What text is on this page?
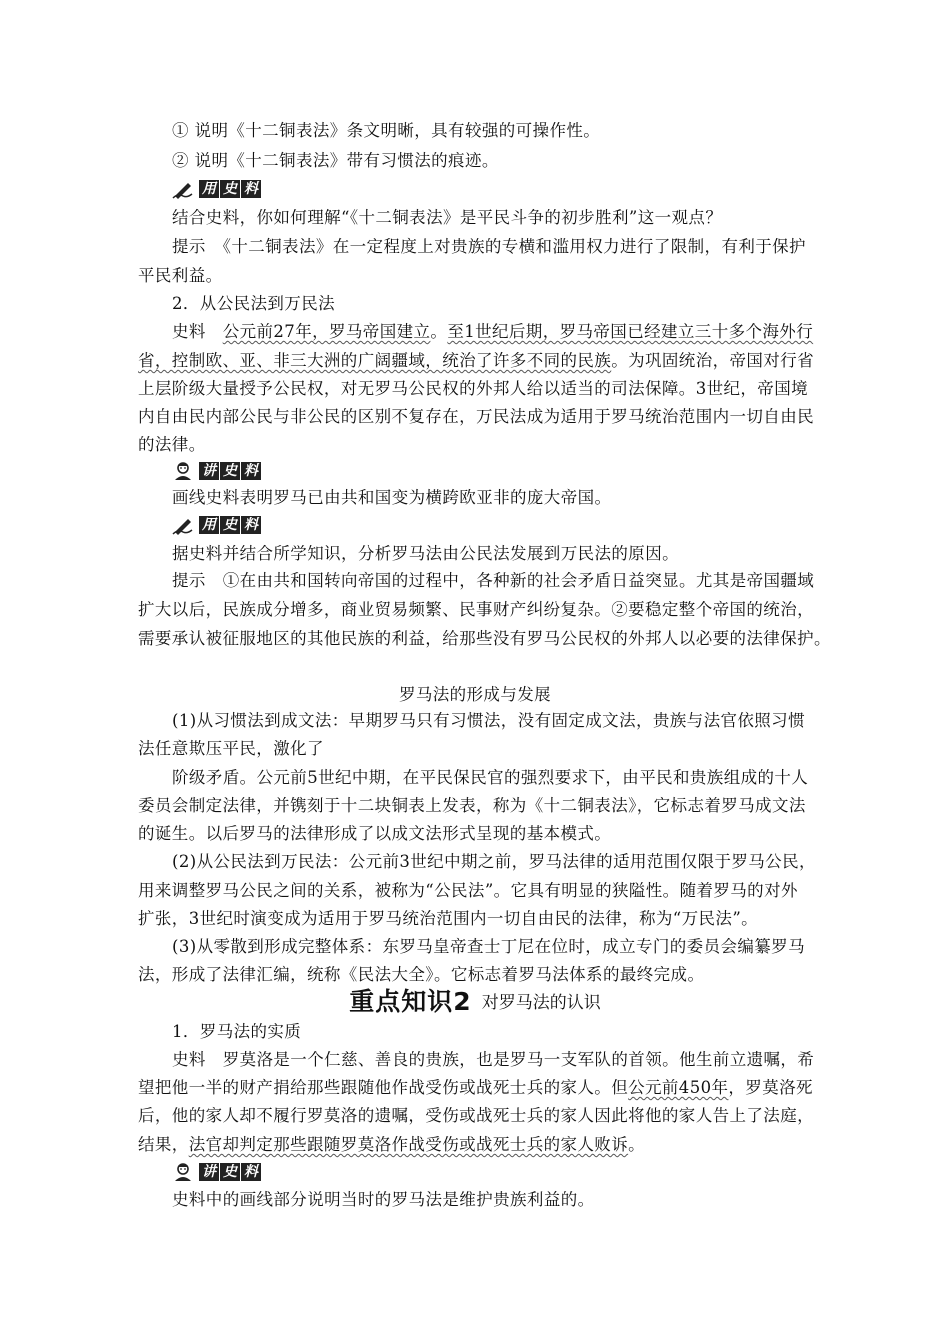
① 说明《十二铜表法》条文明晰，具有较强的可操作性。
② 说明《十二铜表法》带有习惯法的痕迹。
用 史 料
结合史料，你如何理解“《十二铜表法》是平民斗争的初步胜利”这一观点？
提示　《十二铜表法》在一定程度上对贵族的专横和滥用权力进行了限制，有利于保护
平民利益。
2．从公民法到万民法
史料　公元前27年，罗马帝国建立。至1世纪后期，罗马帝国已经建立三十多个海外行
省，控制欧、亚、非三大洲的广阔疆域，统治了许多不同的民族。为巩固统治，帝国对行省
上层阶级大量授予公民权，对无罗马公民权的外邦人给以适当的司法保障。3世纪，帝国境
内自由民内部公民与非公民的区别不复存在，万民法成为适用于罗马统治范围内一切自由民
的法律。
讲 史 料
画线史料表明罗马已由共和国变为横跨欧亚非的庞大帝国。
用 史 料
据史料并结合所学知识，分析罗马法由公民法发展到万民法的原因。
提示　①在由共和国转向帝国的过程中，各种新的社会矛盾日益突显。尤其是帝国疆域
扩大以后，民族成分增多，商业贸易频繁、民事财产纠纷复杂。②要稳定整个帝国的统治，
需要承认被征服地区的其他民族的利益，给那些没有罗马公民权的外邦人以必要的法律保护。
罗马法的形成与发展
(1)从习惯法到成文法：早期罗马只有习惯法，没有固定成文法，贵族与法官依照习惯
法任意欺压平民，激化了
阶级矛盾。公元前5世纪中期，在平民保民官的强烈要求下，由平民和贵族组成的十人
委员会制定法律，并镌刻于十二块铜表上发表，称为《十二铜表法》，它标志着罗马成文法
的诞生。以后罗马的法律形成了以成文法形式呈现的基本模式。
(2)从公民法到万民法：公元前3世纪中期之前，罗马法律的适用范围仅限于罗马公民，
用来调整罗马公民之间的关系，被称为“公民法”。它具有明显的狭隘性。随着罗马的对外
扩张，3世纪时演变成为适用于罗马统治范围内一切自由民的法律，称为“万民法”。
(3)从零散到形成完整体系：东罗马皇帝查士丁尼在位时，成立专门的委员会编纂罗马
法，形成了法律汇编，统称《民法大全》。它标志着罗马法体系的最终完成。
重点知识2 对罗马法的认识
1．罗马法的实质
史料　罗莫洛是一个仁慈、善良的贵族，也是罗马一支军队的首领。他生前立遗嘱，希
望把他一半的财产捐给那些跟随他作战受伤或战死士兵的家人。但公元前450年，罗莫洛死
后，他的家人却不履行罗莫洛的遗嘱，受伤或战死士兵的家人因此将他的家人告上了法庭，
结果，法官却判定那些跟随罗莫洛作战受伤或战死士兵的家人败诉。
讲 史 料
史料中的画线部分说明当时的罗马法是维护贵族利益的。
